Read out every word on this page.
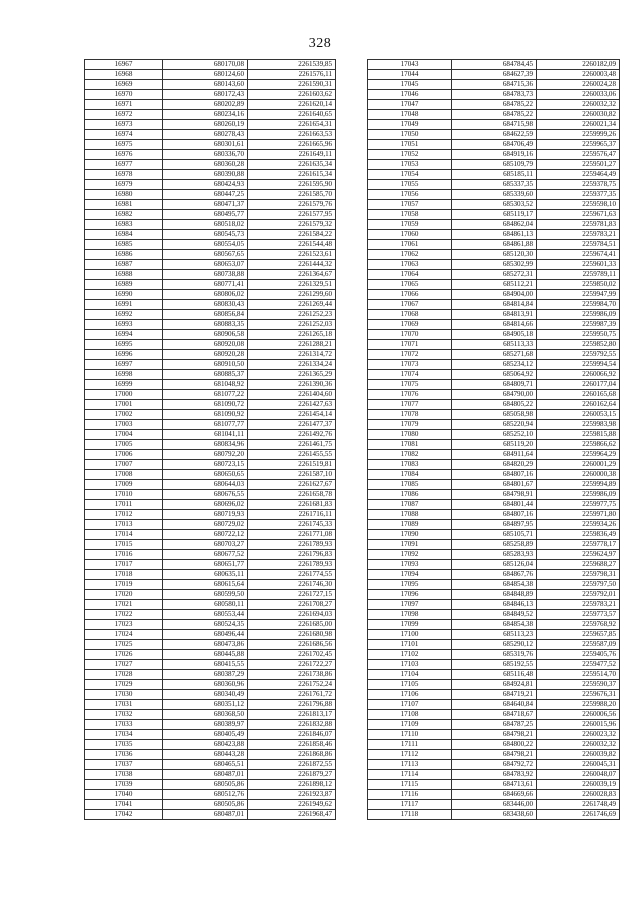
328
16967	680170,08	2261539,85
16968	680124,60	2261576,11
16969	680143,60	2261590,31
16970	680172,43	2261603,62
16971	680202,89	2261620,14
16972	680234,16	2261640,65
16973	680260,19	2261654,31
16974	680278,43	2261663,53
16975	680301,61	2261665,96
16976	680336,70	2261649,11
16977	680360,28	2261635,34
16978	680390,88	2261615,34
16979	680424,93	2261595,90
16980	680447,25	2261585,70
16981	680471,37	2261579,76
16982	680495,77	2261577,95
16983	680518,02	2261579,32
16984	680545,73	2261584,22
16985	680554,05	2261544,48
16986	680567,65	2261523,61
16987	680653,07	2261444,32
16988	680738,88	2261364,67
16989	680771,41	2261329,51
16990	680806,02	2261299,60
16991	680830,43	2261269,44
16992	680856,84	2261252,23
16993	680883,35	2261252,03
16994	680906,58	2261265,18
16995	680920,08	2261288,21
16996	680920,28	2261314,72
16997	680910,50	2261334,24
16998	680885,37	2261365,29
16999	681048,92	2261390,36
17000	681077,22	2261404,60
17001	681090,72	2261427,63
17002	681090,92	2261454,14
17003	681077,77	2261477,37
17004	681041,11	2261492,76
17005	680834,96	2261461,75
17006	680792,20	2261455,55
17007	680723,15	2261519,81
17008	680650,65	2261587,10
17009	680644,03	2261627,67
17010	680676,55	2261658,78
17011	680696,02	2261681,83
17012	680719,93	2261716,11
17013	680729,02	2261745,33
17014	680722,12	2261771,08
17015	680703,27	2261789,93
17016	680677,52	2261796,83
17017	680651,77	2261789,93
17018	680635,11	2261774,55
17019	680615,64	2261746,30
17020	680599,50	2261727,15
17021	680580,11	2261708,27
17022	680553,44	2261694,03
17023	680524,35	2261685,00
17024	680496,44	2261680,98
17025	680473,86	2261686,56
17026	680445,88	2261702,45
17027	680415,55	2261722,27
17028	680387,29	2261738,86
17029	680360,96	2261752,24
17030	680340,49	2261761,72
17031	680351,12	2261796,88
17032	680368,50	2261813,17
17033	680389,97	2261832,88
17034	680405,49	2261846,07
17035	680423,88	2261858,46
17036	680443,28	2261868,86
17037	680465,51	2261872,55
17038	680487,01	2261879,27
17039	680505,86	2261898,12
17040	680512,76	2261923,87
17041	680505,86	2261949,62
17042	680487,01	2261968,47
17043	684784,45	2260182,09
17044	684627,39	2260003,48
17045	684715,36	2260024,28
17046	684783,73	2260033,06
17047	684785,22	2260032,32
17048	684785,22	2260030,82
17049	684715,98	2260021,34
17050	684622,59	2259999,26
17051	684706,49	2259965,37
17052	684919,16	2259576,47
17053	685109,79	2259501,27
17054	685185,11	2259464,49
17055	685337,35	2259378,75
17056	685339,60	2259377,35
17057	685303,52	2259598,10
17058	685119,17	2259671,63
17059	684862,04	2259781,83
17060	684861,13	2259783,21
17061	684861,88	2259784,51
17062	685120,30	2259674,41
17063	685302,99	2259601,33
17064	685272,31	2259789,11
17065	685112,21	2259850,02
17066	684904,00	2259947,99
17067	684814,84	2259984,70
17068	684813,91	2259986,09
17069	684814,66	2259987,39
17070	684905,18	2259950,75
17071	685113,33	2259852,80
17072	685271,68	2259792,55
17073	685234,12	2259994,54
17074	685064,92	2260066,92
17075	684809,71	2260177,04
17076	684790,00	2260165,68
17077	684805,22	2260162,64
17078	685058,98	2260053,15
17079	685220,94	2259983,98
17080	685252,10	2259815,88
17081	685119,20	2259866,62
17082	684911,64	2259964,29
17083	684820,29	2260001,29
17084	684807,16	2260000,38
17085	684801,67	2259994,89
17086	684798,91	2259986,09
17087	684801,44	2259977,75
17088	684807,16	2259971,80
17089	684897,95	2259934,26
17090	685105,71	2259836,49
17091	685258,89	2259778,17
17092	685283,93	2259624,97
17093	685126,04	2259688,27
17094	684867,76	2259798,31
17095	684854,38	2259797,50
17096	684848,89	2259792,01
17097	684846,13	2259783,21
17098	684849,52	2259773,57
17099	684854,38	2259768,92
17100	685113,23	2259657,85
17101	685290,12	2259587,09
17102	685319,76	2259405,76
17103	685192,55	2259477,52
17104	685116,48	2259514,70
17105	684924,81	2259590,37
17106	684719,21	2259676,31
17107	684640,84	2259988,20
17108	684718,67	2260006,56
17109	684787,25	2260015,96
17110	684798,21	2260023,32
17111	684800,22	2260032,32
17112	684798,21	2260039,82
17113	684792,72	2260045,31
17114	684783,92	2260048,07
17115	684713,61	2260039,19
17116	684669,66	2260028,83
17117	683446,00	2261748,49
17118	683438,60	2261746,69
